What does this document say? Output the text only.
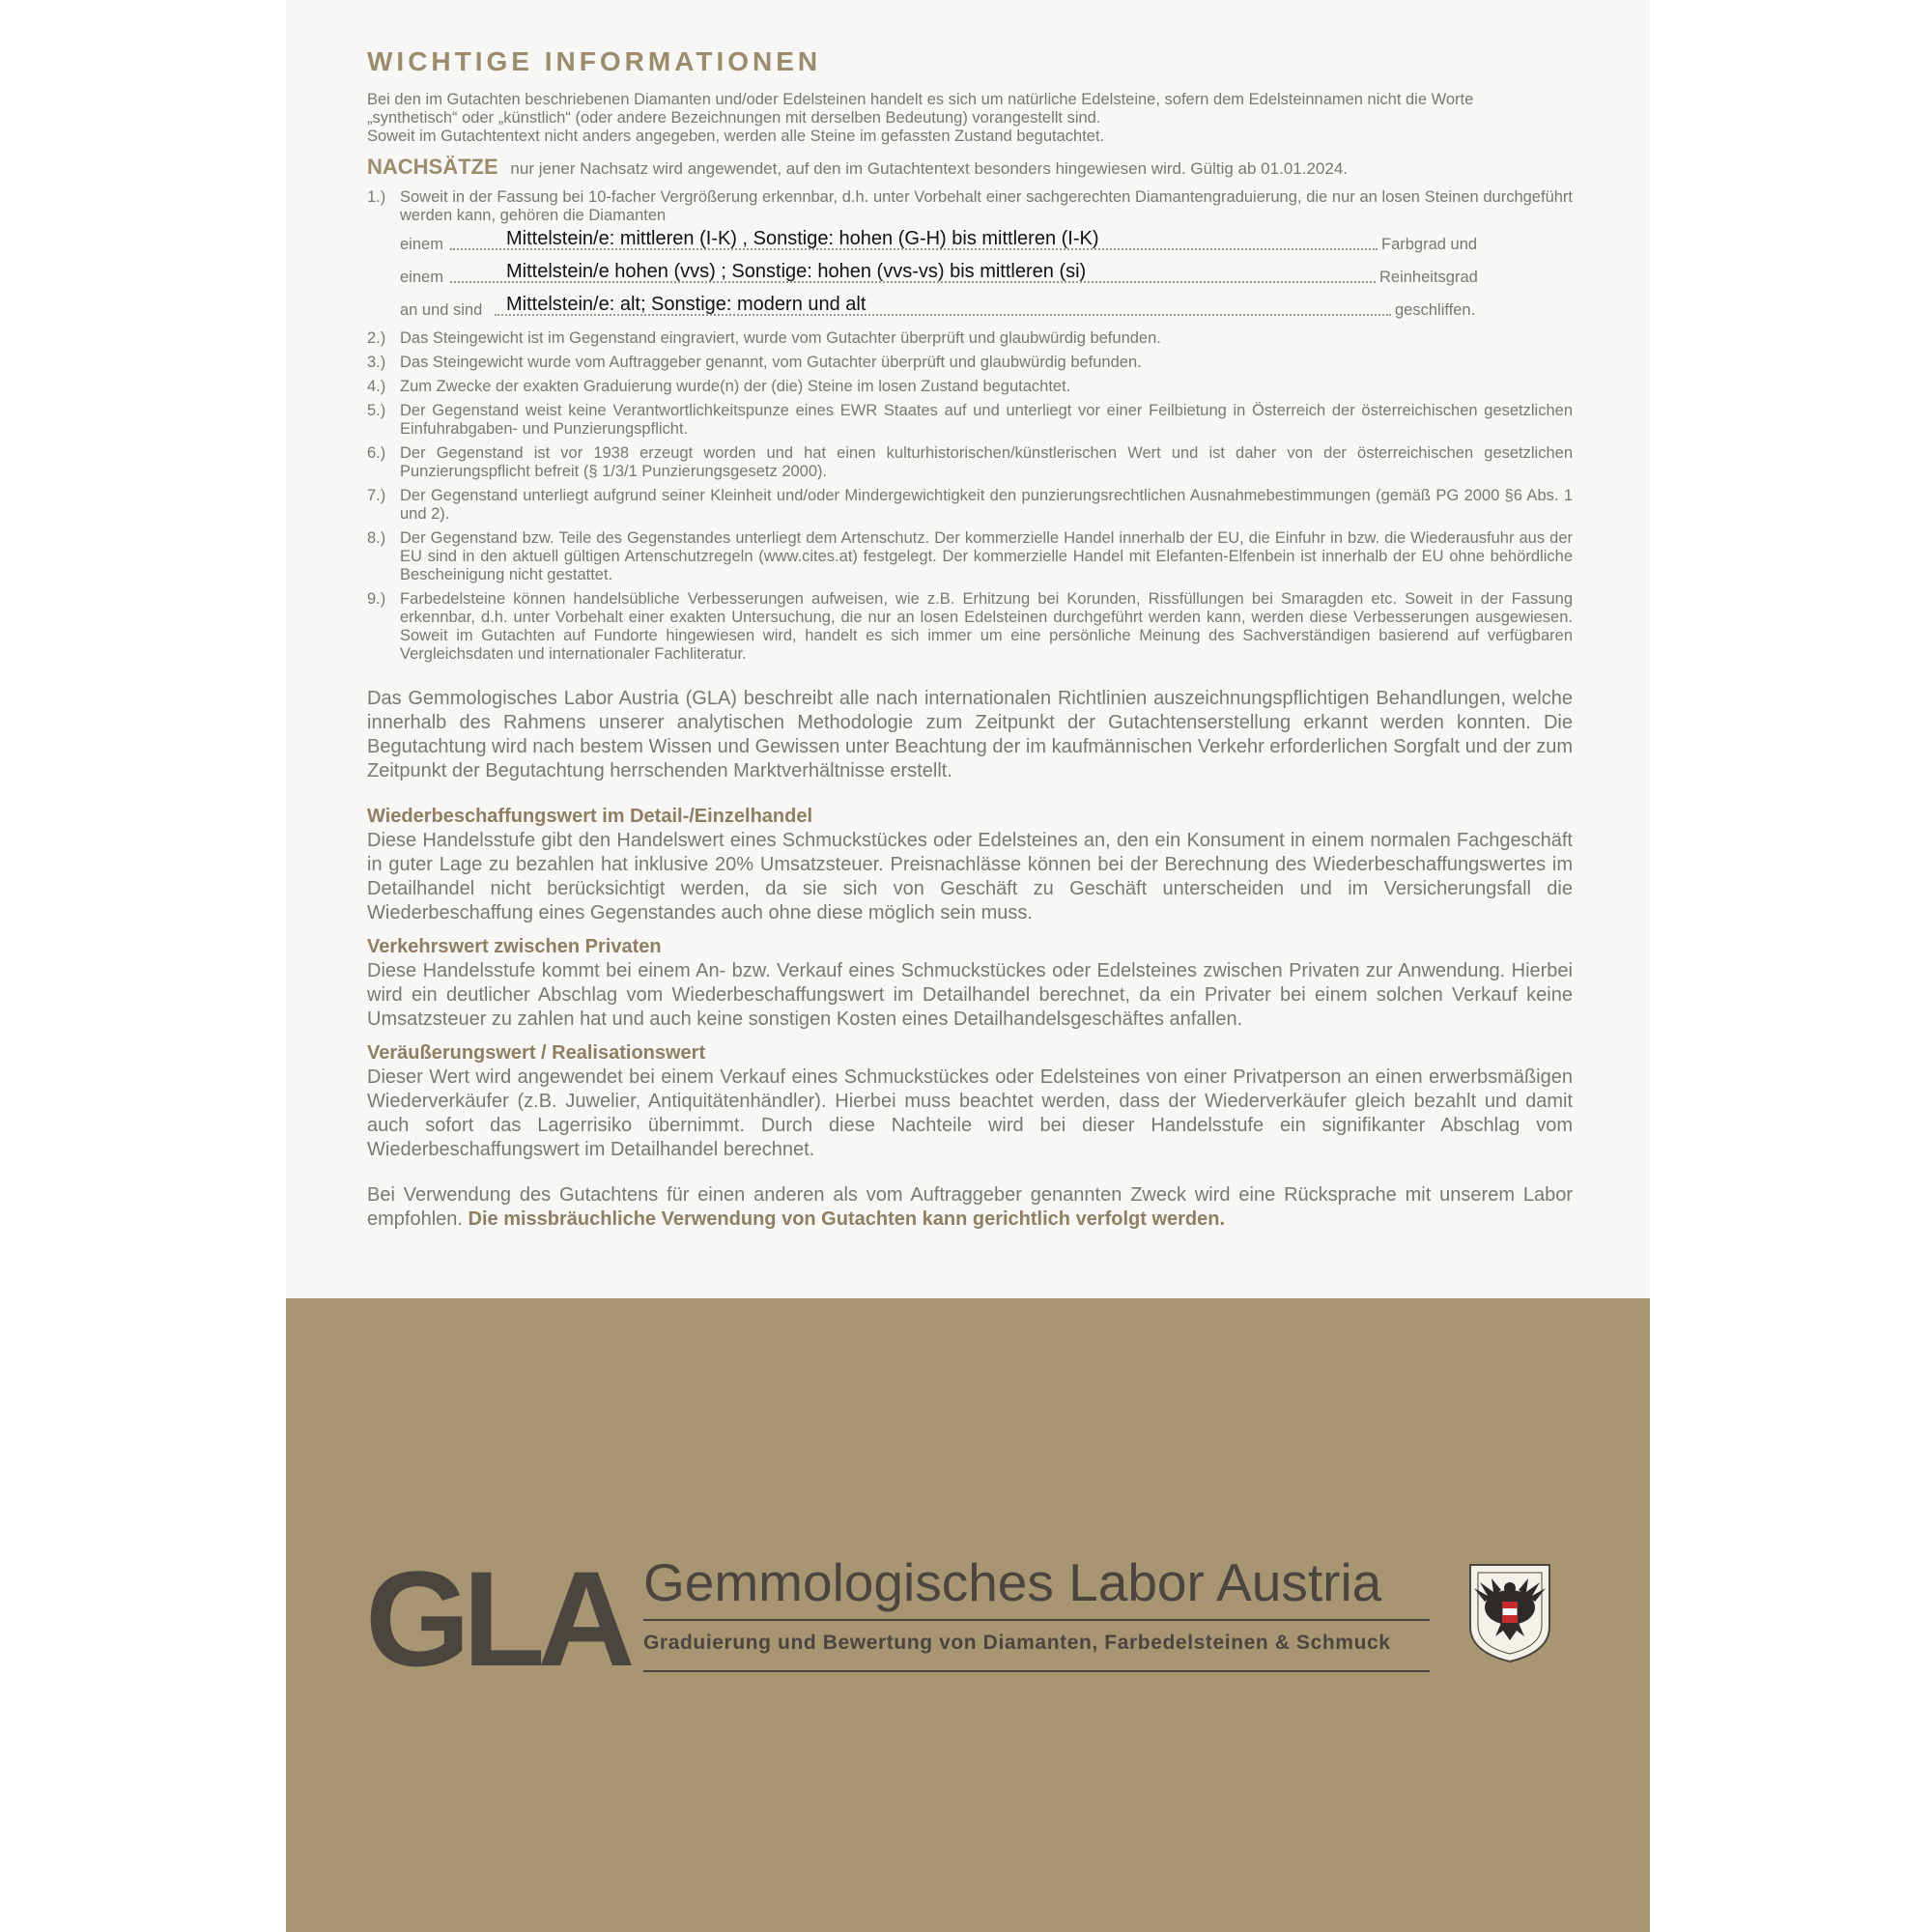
WICHTIGE INFORMATIONEN

Bei den im Gutachten beschriebenen Diamanten und/oder Edelsteinen handelt es sich um natürliche Edelsteine, sofern dem Edelsteinnamen nicht die Worte
„synthetisch“ oder „künstlich“ (oder andere Bezeichnungen mit derselben Bedeutung) vorangestellt sind.
Soweit im Gutachtentext nicht anders angegeben, werden alle Steine im gefassten Zustand begutachtet.

NACHSÄTZE nur jener Nachsatz wird angewendet, auf den im Gutachtentext besonders hingewiesen wird. Gültig ab 01.01.2024.
1.) Soweit in der Fassung bei 10-facher Vergrößerung erkennbar, d.h. unter Vorbehalt einer sachgerechten Diamantengraduierung, die nur an losen Steinen durchgeführt werden kann, gehören die Diamanten
einem	Mittelstein/e: mittleren (I-K) , Sonstige: hohen (G-H) bis mittleren (I-K)	Farbgrad und
einem	Mittelstein/e hohen (vvs) ; Sonstige: hohen (vvs-vs) bis mittleren (si)	Reinheitsgrad
an und sind Mittelstein/e: alt; Sonstige: modern und alt	geschliffen.
2.) Das Steingewicht ist im Gegenstand eingraviert, wurde vom Gutachter überprüft und glaubwürdig befunden.
3.) Das Steingewicht wurde vom Auftraggeber genannt, vom Gutachter überprüft und glaubwürdig befunden.
4.) Zum Zwecke der exakten Graduierung wurde(n) der (die) Steine im losen Zustand begutachtet.
5.) Der Gegenstand weist keine Verantwortlichkeitspunze eines EWR Staates auf und unterliegt vor einer Feilbietung in Österreich der österreichischen gesetzlichen Einfuhrabgaben- und Punzierungspflicht.
6.) Der Gegenstand ist vor 1938 erzeugt worden und hat einen kulturhistorischen/künstlerischen Wert und ist daher von der österreichischen gesetzlichen Punzierungspflicht befreit (§ 1/3/1 Punzierungsgesetz 2000).
7.) Der Gegenstand unterliegt aufgrund seiner Kleinheit und/oder Mindergewichtigkeit den punzierungsrechtlichen Ausnahmebestimmungen (gemäß PG 2000 §6 Abs. 1 und 2).
8.) Der Gegenstand bzw. Teile des Gegenstandes unterliegt dem Artenschutz. Der kommerzielle Handel innerhalb der EU, die Einfuhr in bzw. die Wiederausfuhr aus der EU sind in den aktuell gültigen Artenschutzregeln (www.cites.at) festgelegt. Der kommerzielle Handel mit Elefanten-Elfenbein ist innerhalb der EU ohne behördliche Bescheinigung nicht gestattet.
9.) Farbedelsteine können handelsübliche Verbesserungen aufweisen, wie z.B. Erhitzung bei Korunden, Rissfüllungen bei Smaragden etc. Soweit in der Fassung erkennbar, d.h. unter Vorbehalt einer exakten Untersuchung, die nur an losen Edelsteinen durchgeführt werden kann, werden diese Verbesserungen ausgewiesen. Soweit im Gutachten auf Fundorte hingewiesen wird, handelt es sich immer um eine persönliche Meinung des Sachverständigen basierend auf verfügbaren Vergleichsdaten und internationaler Fachliteratur.

Das Gemmologisches Labor Austria (GLA) beschreibt alle nach internationalen Richtlinien auszeichnungspflichtigen Behandlungen, welche innerhalb des Rahmens unserer analytischen Methodologie zum Zeitpunkt der Gutachtenserstellung erkannt werden konnten. Die Begutachtung wird nach bestem Wissen und Gewissen unter Beachtung der im kaufmännischen Verkehr erforderlichen Sorgfalt und der zum Zeitpunkt der Begutachtung herrschenden Marktverhältnisse erstellt.

Wiederbeschaffungswert im Detail-/Einzelhandel

Diese Handelsstufe gibt den Handelswert eines Schmuckstückes oder Edelsteines an, den ein Konsument in einem normalen Fachgeschäft in guter Lage zu bezahlen hat inklusive 20% Umsatzsteuer. Preisnachlässe können bei der Berechnung des Wiederbeschaffungswertes im Detailhandel nicht berücksichtigt werden, da sie sich von Geschäft zu Geschäft unterscheiden und im Versicherungsfall die Wiederbeschaffung eines Gegenstandes auch ohne diese möglich sein muss.

Verkehrswert zwischen Privaten

Diese Handelsstufe kommt bei einem An- bzw. Verkauf eines Schmuckstückes oder Edelsteines zwischen Privaten zur Anwendung. Hierbei wird ein deutlicher Abschlag vom Wiederbeschaffungswert im Detailhandel berechnet, da ein Privater bei einem solchen Verkauf keine Umsatzsteuer zu zahlen hat und auch keine sonstigen Kosten eines Detailhandelsgeschäftes anfallen.

Veräußerungswert / Realisationswert

Dieser Wert wird angewendet bei einem Verkauf eines Schmuckstückes oder Edelsteines von einer Privatperson an einen erwerbsmäßigen Wiederverkäufer (z.B. Juwelier, Antiquitätenhändler). Hierbei muss beachtet werden, dass der Wiederverkäufer gleich bezahlt und damit auch sofort das Lagerrisiko übernimmt. Durch diese Nachteile wird bei dieser Handelsstufe ein signifikanter Abschlag vom Wiederbeschaffungswert im Detailhandel berechnet.

Bei Verwendung des Gutachtens für einen anderen als vom Auftraggeber genannten Zweck wird eine Rücksprache mit unserem Labor empfohlen. Die missbräuchliche Verwendung von Gutachten kann gerichtlich verfolgt werden.

GLA Gemmologisches Labor Austria
Graduierung und Bewertung von Diamanten, Farbedelsteinen & Schmuck
